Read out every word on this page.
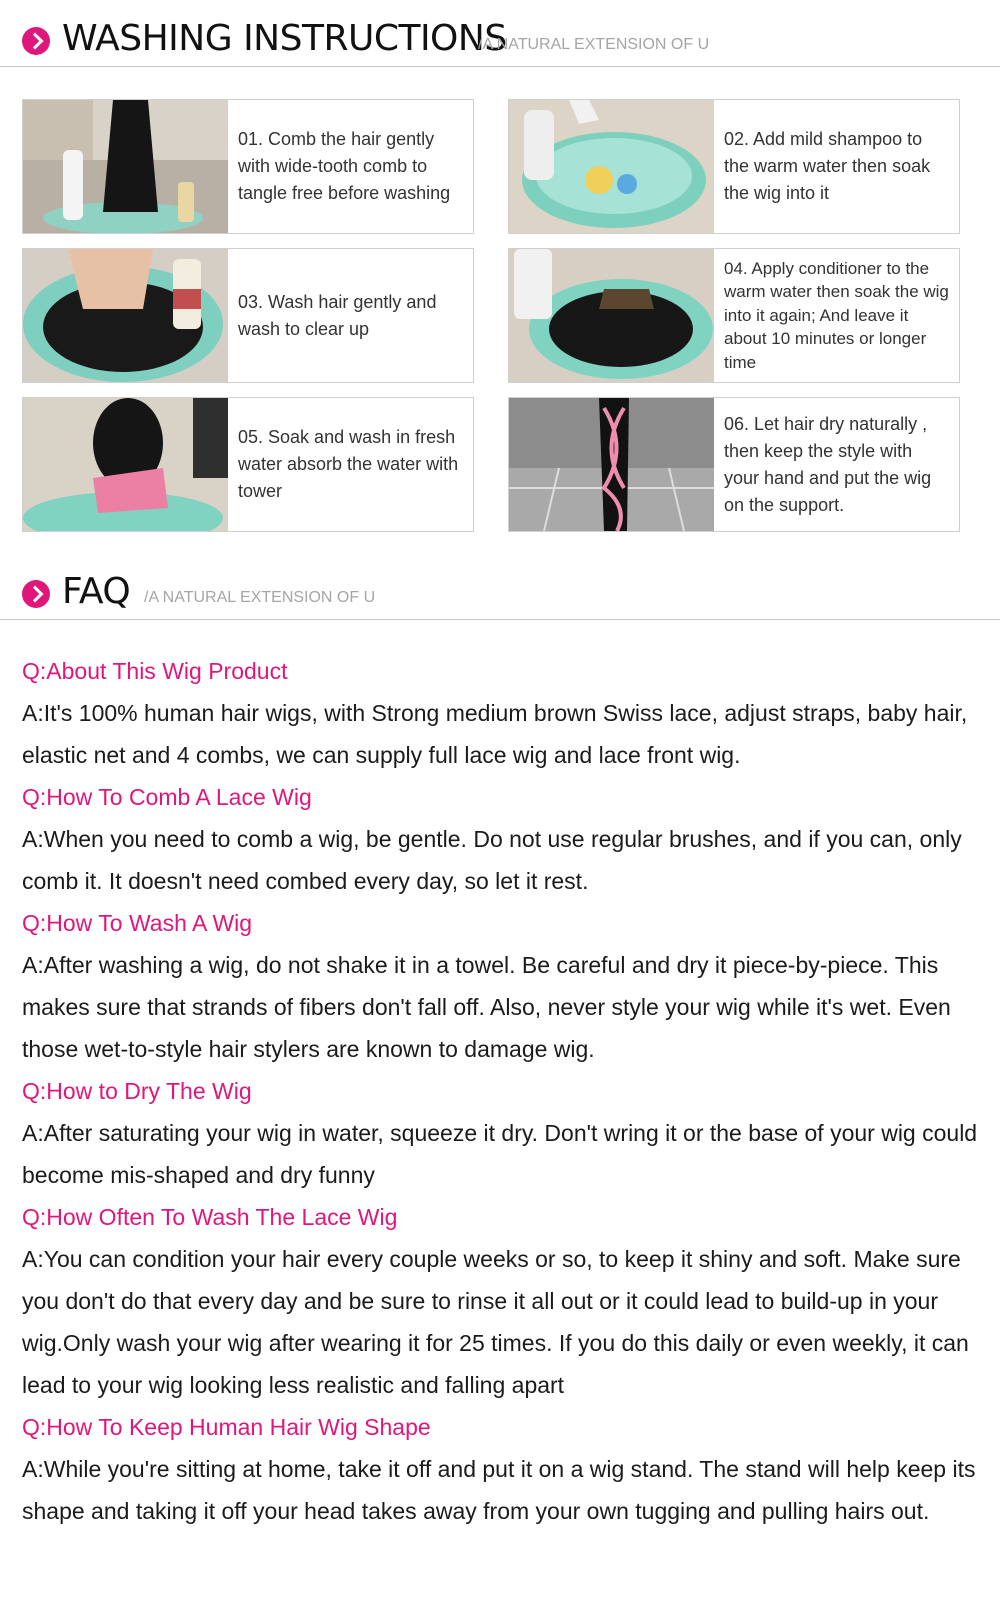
WASHING INSTRUCTIONS
/A NATURAL EXTENSION OF U
01. Comb the hair gently with wide-tooth comb to tangle free before washing
02. Add mild shampoo to the warm water then soak the wig into it
03. Wash hair gently and wash to clear up
04. Apply conditioner to the warm water then soak the wig into it again; And leave it about 10 minutes or longer time
05. Soak and wash in fresh water absorb the water with tower
06. Let hair dry naturally , then keep the style with your hand and put the wig on the support.
FAQ /A NATURAL EXTENSION OF U
Q:About This Wig Product
A:It's 100% human hair wigs, with Strong medium brown Swiss lace, adjust straps, baby hair, elastic net and 4 combs, we can supply full lace wig and lace front wig.
Q:How To Comb A Lace Wig
A:When you need to comb a wig, be gentle. Do not use regular brushes, and if you can, only comb it. It doesn't need combed every day, so let it rest.
Q:How To Wash A Wig
A:After washing a wig, do not shake it in a towel. Be careful and dry it piece-by-piece. This makes sure that strands of fibers don't fall off. Also, never style your wig while it's wet. Even those wet-to-style hair stylers are known to damage wig.
Q:How to Dry The Wig
A:After saturating your wig in water, squeeze it dry. Don't wring it or the base of your wig could become mis-shaped and dry funny
Q:How Often To Wash The Lace Wig
A:You can condition your hair every couple weeks or so, to keep it shiny and soft. Make sure you don't do that every day and be sure to rinse it all out or it could lead to build-up in your wig.Only wash your wig after wearing it for 25 times. If you do this daily or even weekly, it can lead to your wig looking less realistic and falling apart
Q:How To Keep Human Hair Wig Shape
A:While you're sitting at home, take it off and put it on a wig stand. The stand will help keep its shape and taking it off your head takes away from your own tugging and pulling hairs out.
